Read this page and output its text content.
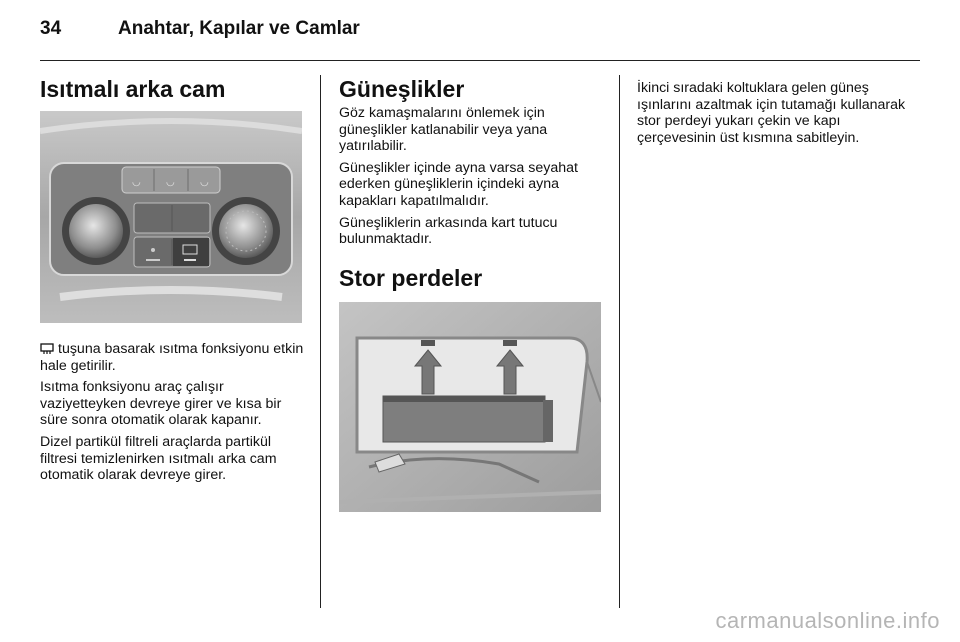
34	Anahtar, Kapılar ve Camlar
Isıtmalı arka cam
◡	◡	◡

tuşuna basarak ısıtma fonksiyonu etkin hale getirilir.

Isıtma fonksiyonu araç çalışır vaziyetteyken devreye girer ve kısa bir süre sonra otomatik olarak kapanır.

Dizel partikül filtreli araçlarda partikül filtresi temizlenirken ısıtmalı arka cam otomatik olarak devreye girer.

Güneşlikler

Göz kamaşmalarını önlemek için güneşlikler katlanabilir veya yana yatırılabilir.

Güneşlikler içinde ayna varsa seyahat ederken güneşliklerin içindeki ayna kapakları kapatılmalıdır.

Güneşliklerin arkasında kart tutucu bulunmaktadır.

Stor perdeler

İkinci sıradaki koltuklara gelen güneş ışınlarını azaltmak için tutamağı kullanarak stor perdeyi yukarı çekin ve kapı çerçevesinin üst kısmına sabitleyin.

carmanualsonline.info
